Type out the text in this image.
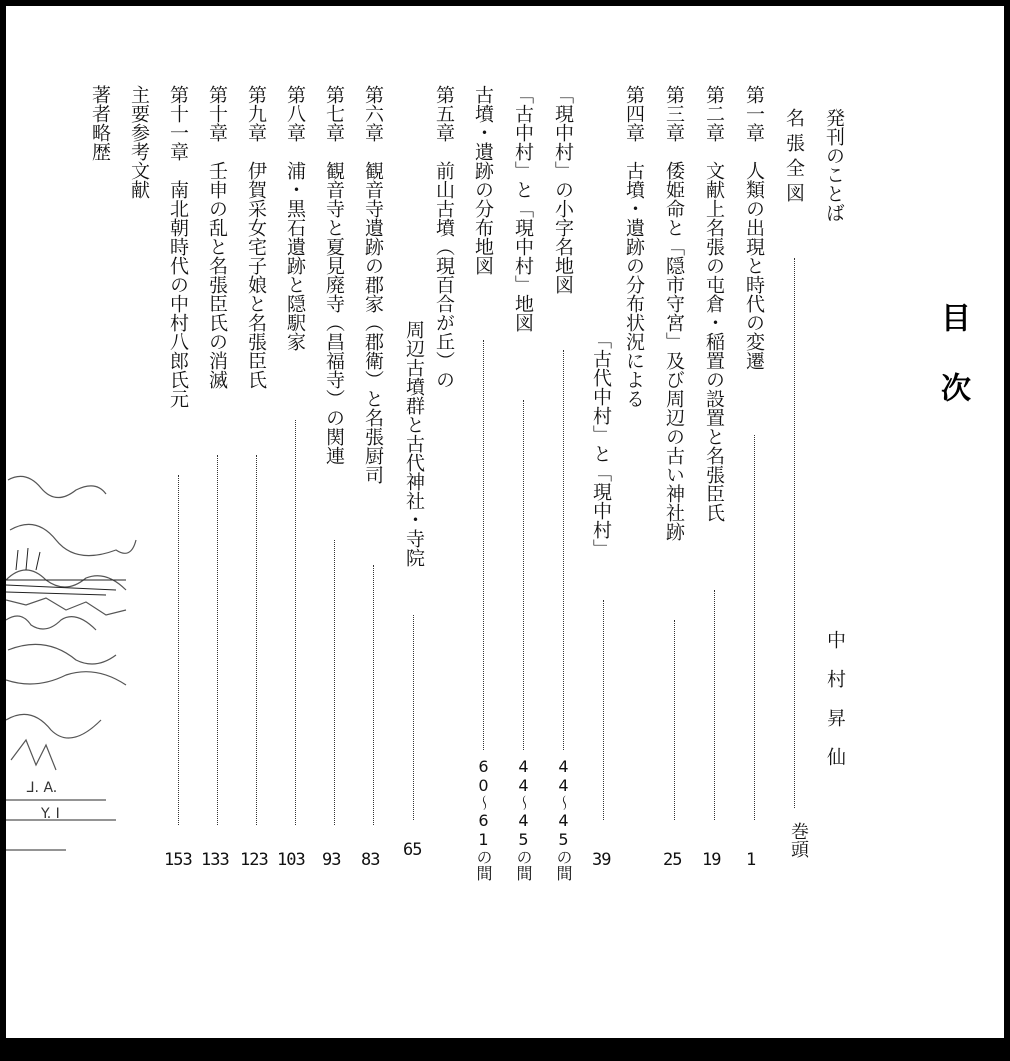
目次
中村昇仙
発刊のことば
巻頭
名張全図
1
第一章　人類の出現と時代の変遷
19
第二章　文献上名張の屯倉・稲置の設置と名張臣氏
25
第三章　倭姫命と「隠市守宮」及び周辺の古い神社跡
39
第四章　古墳・遺跡の分布状況による
「古代中村」と「現中村」
「現中村」の小字名地図
44〜45の間
「古中村」と「現中村」地図
44〜45の間
古墳・遺跡の分布地図
60〜61の間
第五章　前山古墳（現百合が丘）の
周辺古墳群と古代神社・寺院
65
第六章　観音寺遺跡の郡家（郡衛）と名張厨司
83
第七章　観音寺と夏見廃寺（昌福寺）の関連
93
第八章　浦・黒石遺跡と隠駅家
103
第九章　伊賀采女宅子娘と名張臣氏
123
第十章　壬申の乱と名張臣氏の消滅
133
第十一章　南北朝時代の中村八郎氏元
153
主要参考文献
著者略歴
ᒧ. A.
Y. I
